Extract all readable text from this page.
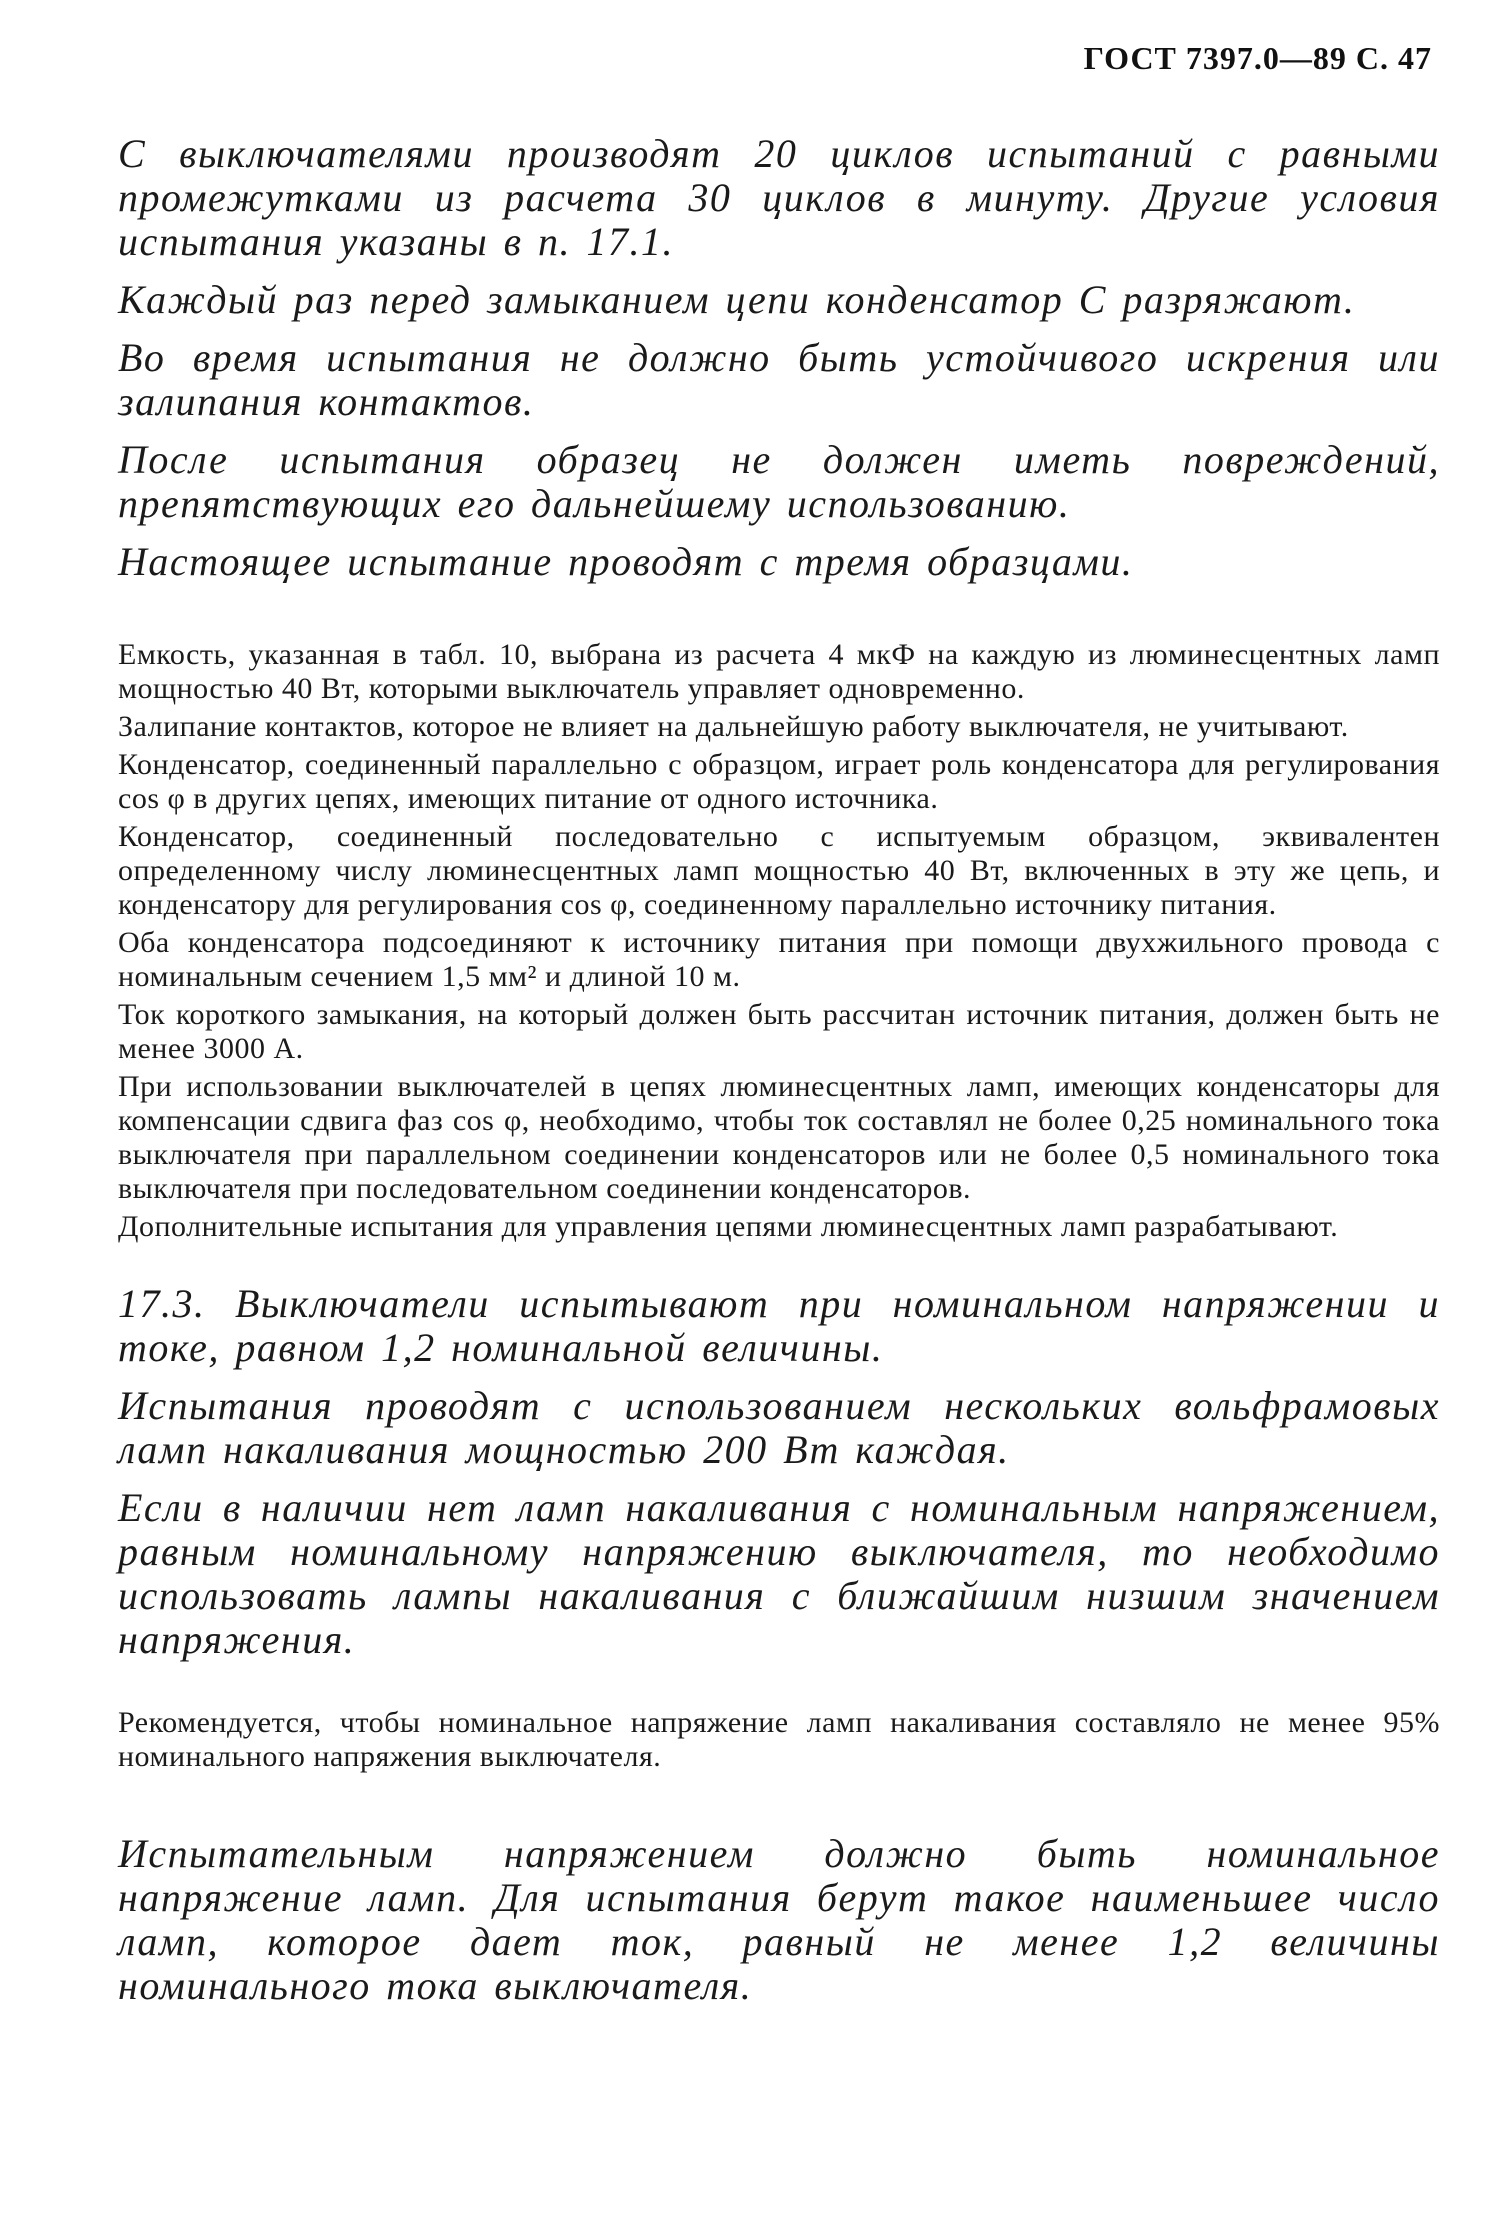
ГОСТ 7397.0—89 С. 47

С выключателями производят 20 циклов испытаний с равными промежутками из расчета 30 циклов в минуту. Другие условия испытания указаны в п. 17.1.

Каждый раз перед замыканием цепи конденсатор С разряжают.

Во время испытания не должно быть устойчивого искрения или залипания контактов.

После испытания образец не должен иметь повреждений, препятствующих его дальнейшему использованию.

Настоящее испытание проводят с тремя образцами.

Емкость, указанная в табл. 10, выбрана из расчета 4 мкФ на каждую из люминесцентных ламп мощностью 40 Вт, которыми выключатель управляет одновременно.

Залипание контактов, которое не влияет на дальнейшую работу выключателя, не учитывают.

Конденсатор, соединенный параллельно с образцом, играет роль конденсатора для регулирования cos φ в других цепях, имеющих питание от одного источника.

Конденсатор, соединенный последовательно с испытуемым образцом, эквивалентен определенному числу люминесцентных ламп мощностью 40 Вт, включенных в эту же цепь, и конденсатору для регулирования cos φ, соединенному параллельно источнику питания.

Оба конденсатора подсоединяют к источнику питания при помощи двухжильного провода с номинальным сечением 1,5 мм² и длиной 10 м.

Ток короткого замыкания, на который должен быть рассчитан источник питания, должен быть не менее 3000 А.

При использовании выключателей в цепях люминесцентных ламп, имеющих конденсаторы для компенсации сдвига фаз cos φ, необходимо, чтобы ток составлял не более 0,25 номинального тока выключателя при параллельном соединении конденсаторов или не более 0,5 номинального тока выключателя при последовательном соединении конденсаторов.

Дополнительные испытания для управления цепями люминесцентных ламп разрабатывают.

17.3. Выключатели испытывают при номинальном напряжении и токе, равном 1,2 номинальной величины.

Испытания проводят с использованием нескольких вольфрамовых ламп накаливания мощностью 200 Вт каждая.

Если в наличии нет ламп накаливания с номинальным напряжением, равным номинальному напряжению выключателя, то необходимо использовать лампы накаливания с ближайшим низшим значением напряжения.

Рекомендуется, чтобы номинальное напряжение ламп накаливания составляло не менее 95% номинального напряжения выключателя.

Испытательным напряжением должно быть номинальное напряжение ламп. Для испытания берут такое наименьшее число ламп, которое дает ток, равный не менее 1,2 величины номинального тока выключателя.
